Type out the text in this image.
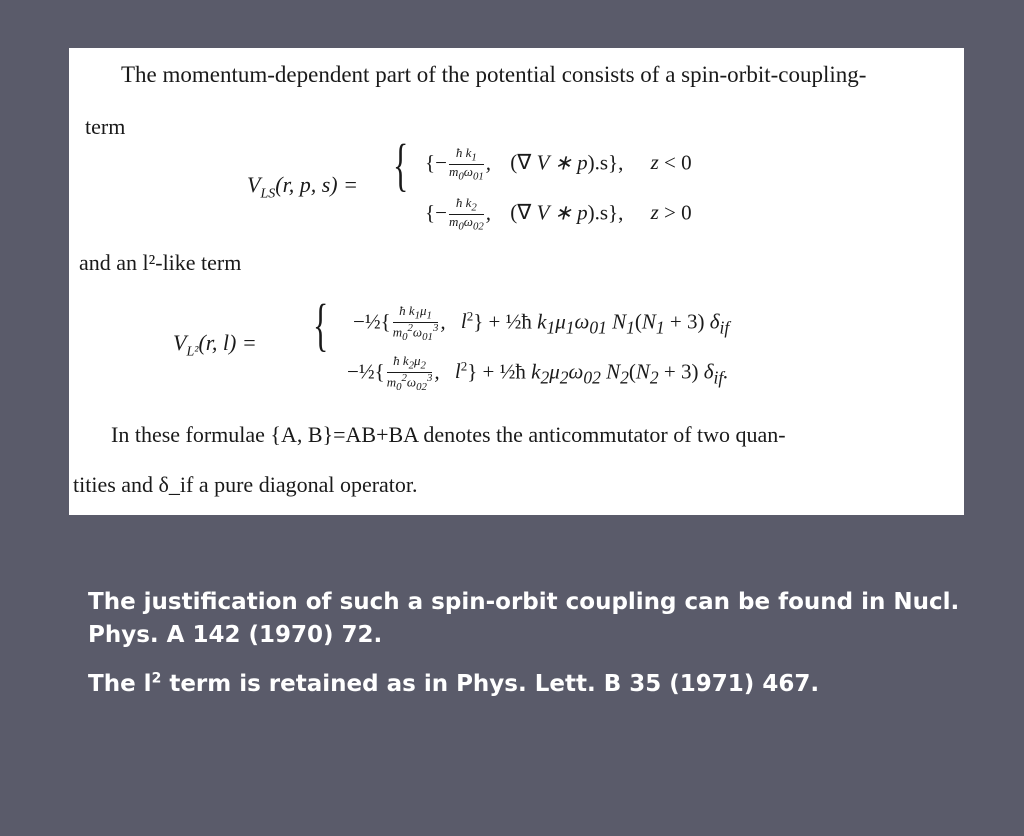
The momentum-dependent part of the potential consists of a spin-orbit-coupling-
term
$V_{LS}(r$, p, s) = { {− $\frac{ħ k_1}{m_0\omega_{01}}$ , (∇ V ∗ p).s}, z < 0
{− $\frac{ħ k_2}{m_0\omega_{02}}$ , (∇ V ∗ p).s}, z > 0
and an l²-like term
$V_{L^2}(r$, l) = { −½{ $\frac{ħ k_1\mu_1}{m_0^2\omega_{01}^3}$ , $l^2$} + ½ħ $k_1\mu_1\omega_{01}$ $N_1(N_1 + 3)$ $\delta_{if}$
−½{ $\frac{ħ k_2\mu_2}{m_0^2\omega_{02}^3}$ , $l^2$} + ½ħ $k_2\mu_2\omega_{02}$ $N_2(N_2 + 3)$ $\delta_{if}$.
In these formulae {A, B}=AB+BA denotes the anticommutator of two quan-
tities and δ_if a pure diagonal operator.

The justification of such a spin-orbit coupling can be found in Nucl. Phys. A 142 (1970) 72.

The $l^2$ term is retained as in Phys. Lett. B 35 (1971) 467.
